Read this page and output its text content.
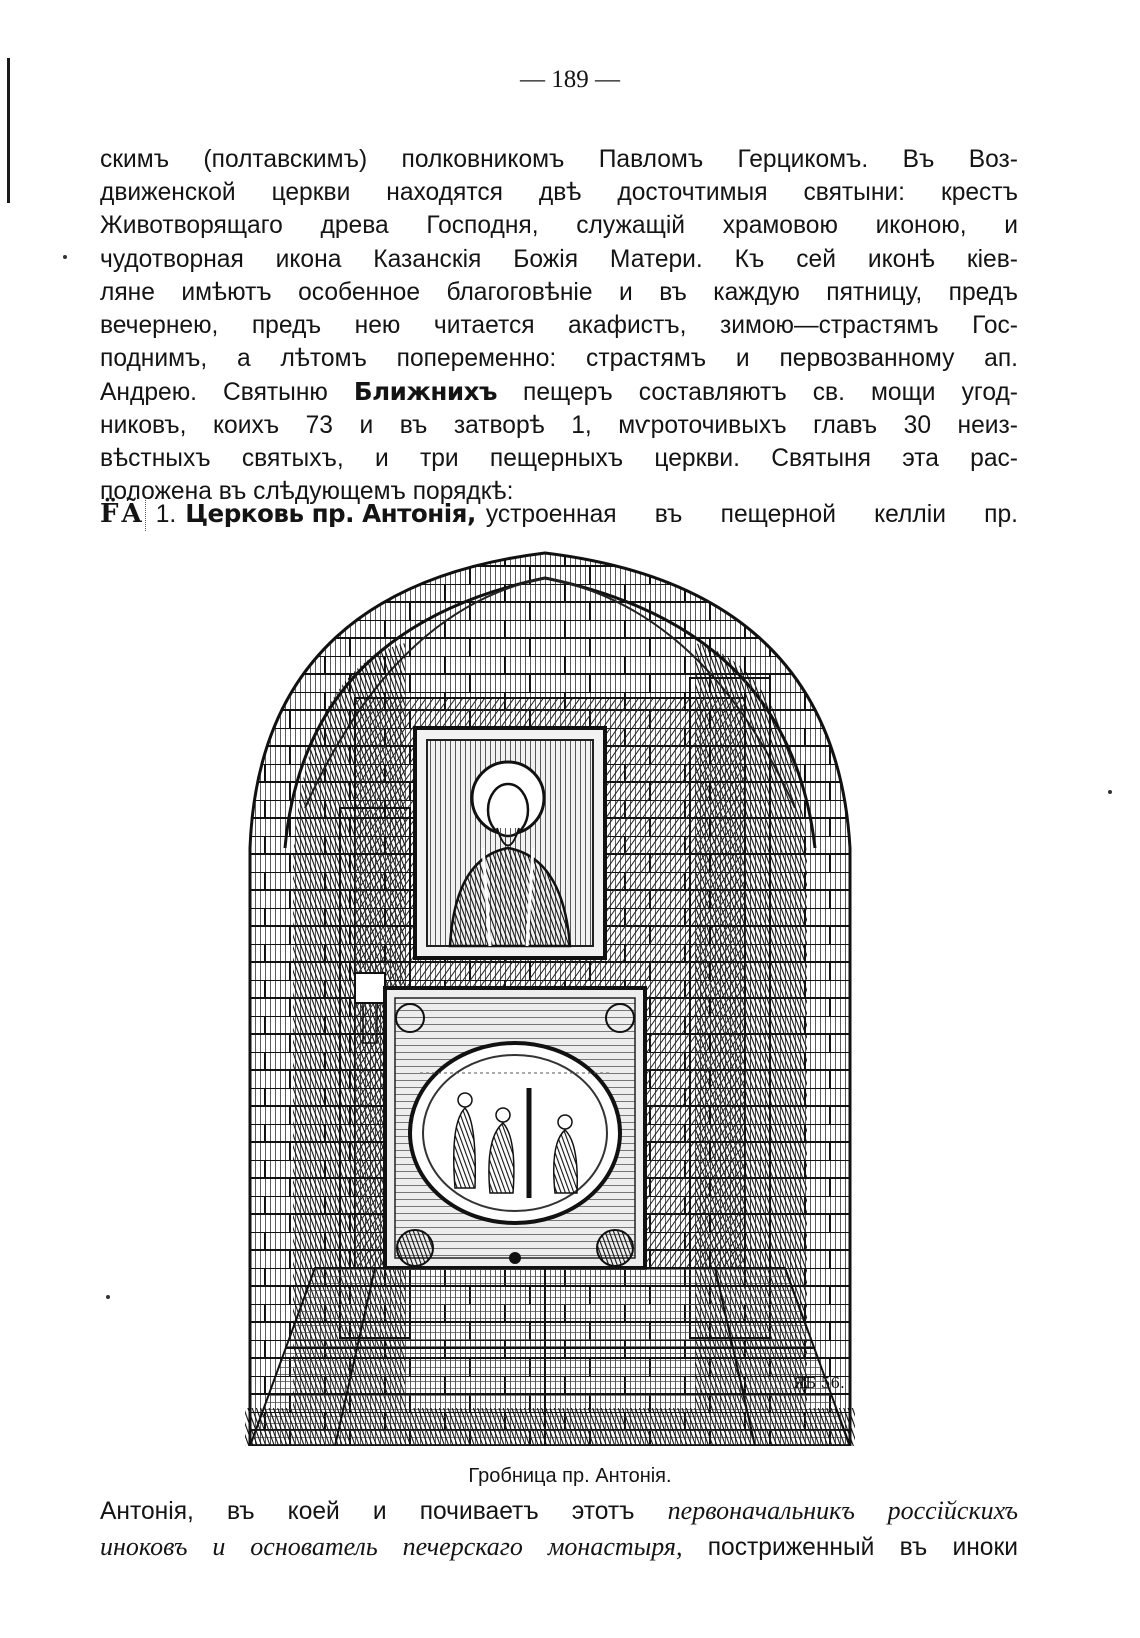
— 189 —
скимъ (полтавскимъ) полковникомъ Павломъ Герцикомъ. Въ Воз-
движенской церкви находятся двѣ досточтимыя святыни: крестъ
Животворящаго древа Господня, служащій храмовою иконою, и
чудотворная икона Казанскія Божія Матери. Къ сей иконѣ кiев-
ляне имѣютъ особенное благоговѣнiе и въ каждую пятницу, предъ
вечернею, предъ нею читается акафистъ, зимою—страстямъ Гос-
поднимъ, а лѣтомъ попеременно: страстямъ и первозванному ап.
Андрею. Святыню Ближнихъ пещеръ составляютъ св. мощи угод-
никовъ, коихъ 73 и въ затворѣ 1, мѵроточивыхъ главъ 30 неиз-
вѣстныхъ святыхъ, и три пещерныхъ церкви. Святыня эта рас-
положена въ слѣдующемъ порядкѣ:
F̈ Ã 1. Церковь пр. Антонiя, устроенная въ пещерной келлiи пр.
ЯБ 56.
Гробница пр. Антонiя.
Антонiя, въ коей и почиваетъ этотъ первоначальникъ россійскихъ
иноковъ и основатель печерскаго монастыря, постриженный въ иноки
